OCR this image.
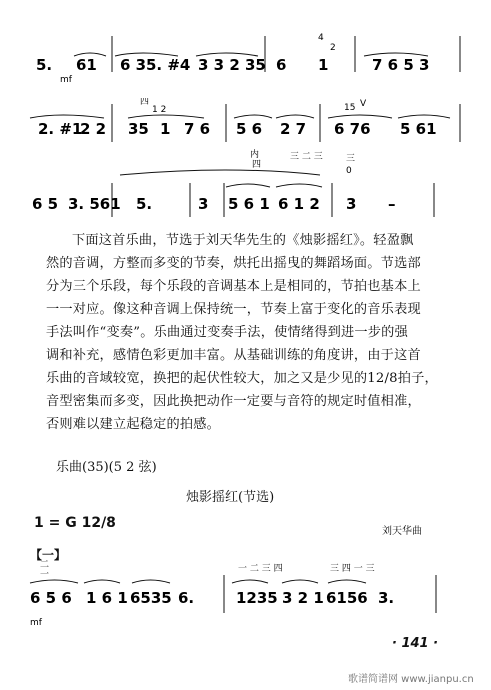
5. 61 6 3 5. #4 3 3 2 35 6 1	7 6 5 3
mf
4
2
四
1 2	15 V
2. #1
2 2 35 1 7 6 5 6 2 7 6 76 5 61
内
四
三 二 三	三
0
6 5 3. 561 5.	3 5 6 1 6 1 2 3 –
下面这首乐曲，节选于刘天华先生的《烛影摇红》。轻盈飘
然的音调，方整而多变的节奏，烘托出摇曳的舞蹈场面。节选部
分为三个乐段，每个乐段的音调基本上是相同的，节拍也基本上
一一对应。像这种音调上保持统一，节奏上富于变化的音乐表现
手法叫作“变奏”。乐曲通过变奏手法，使情绪得到进一步的强
调和补充，感情色彩更加丰富。从基础训练的角度讲，由于这首
乐曲的音域较宽，换把的起伏性较大，加之又是少见的12/8拍子，
音型密集而多变，因此换把动作一定要与音符的规定时值相准，
否则难以建立起稳定的拍感。
乐曲(35)(5 2 弦)
烛影摇红(节选)
1 = G 12/8
刘天华曲
【一】
二
一
一 二 三 四	三 四 一 三
6 5 6 1 6 1 6535 6.	1235 3 2 1 6156 3.
mf
· 141 ·
歌谱简谱网 www.jianpu.cn
